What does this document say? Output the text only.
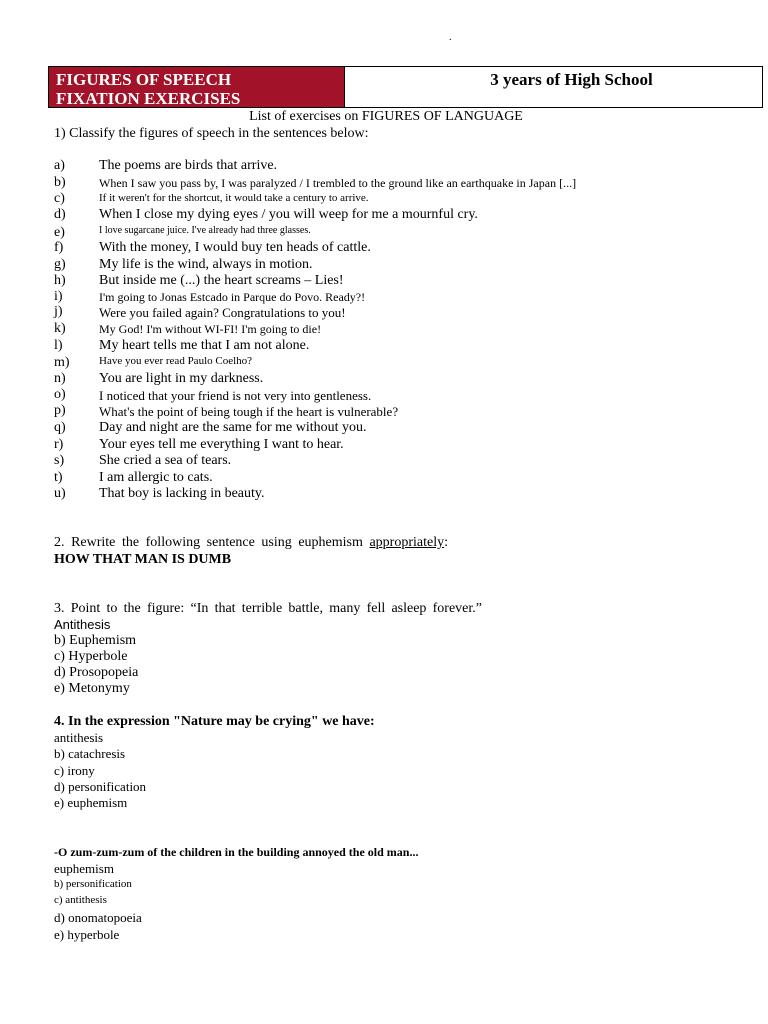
.
FIGURES OF SPEECH
FIXATION EXERCISES
3 years of High School
List of exercises on FIGURES OF LANGUAGE
1) Classify the figures of speech in the sentences below:
a) The poems are birds that arrive.
b)	When I saw you pass by, I was paralyzed / I trembled to the ground like an earthquake in Japan [...]
c)	If it weren't for the shortcut, it would take a century to arrive.
d) When I close my dying eyes / you will weep for me a mournful cry.
e)	I love sugarcane juice. I've already had three glasses.
f)	With the money, I would buy ten heads of cattle.
g) My life is the wind, always in motion.
h) But inside me (...) the heart screams – Lies!
i)	I'm going to Jonas Estcado in Parque do Povo. Ready?!
j)	Were you failed again? Congratulations to you!
k)	My God! I'm without WI-FI! I'm going to die!
l)	My heart tells me that I am not alone.
m)	Have you ever read Paulo Coelho?
n) You are light in my darkness.
o)	I noticed that your friend is not very into gentleness.
p)	What's the point of being tough if the heart is vulnerable?
q) Day and night are the same for me without you.
r)	Your eyes tell me everything I want to hear.
s) She cried a sea of tears.
t)	I am allergic to cats.
u) That boy is lacking in beauty.
2. Rewrite the following sentence using euphemism appropriately:
HOW THAT MAN IS DUMB
3. Point to the figure: “In that terrible battle, many fell asleep forever.”
Antithesis
b) Euphemism
c) Hyperbole
d) Prosopopeia
e) Metonymy
4. In the expression "Nature may be crying" we have:
antithesis
b) catachresis
c) irony
d) personification
e) euphemism
-O zum-zum-zum of the children in the building annoyed the old man...
euphemism
b) personification
c) antithesis
d) onomatopoeia
e) hyperbole
